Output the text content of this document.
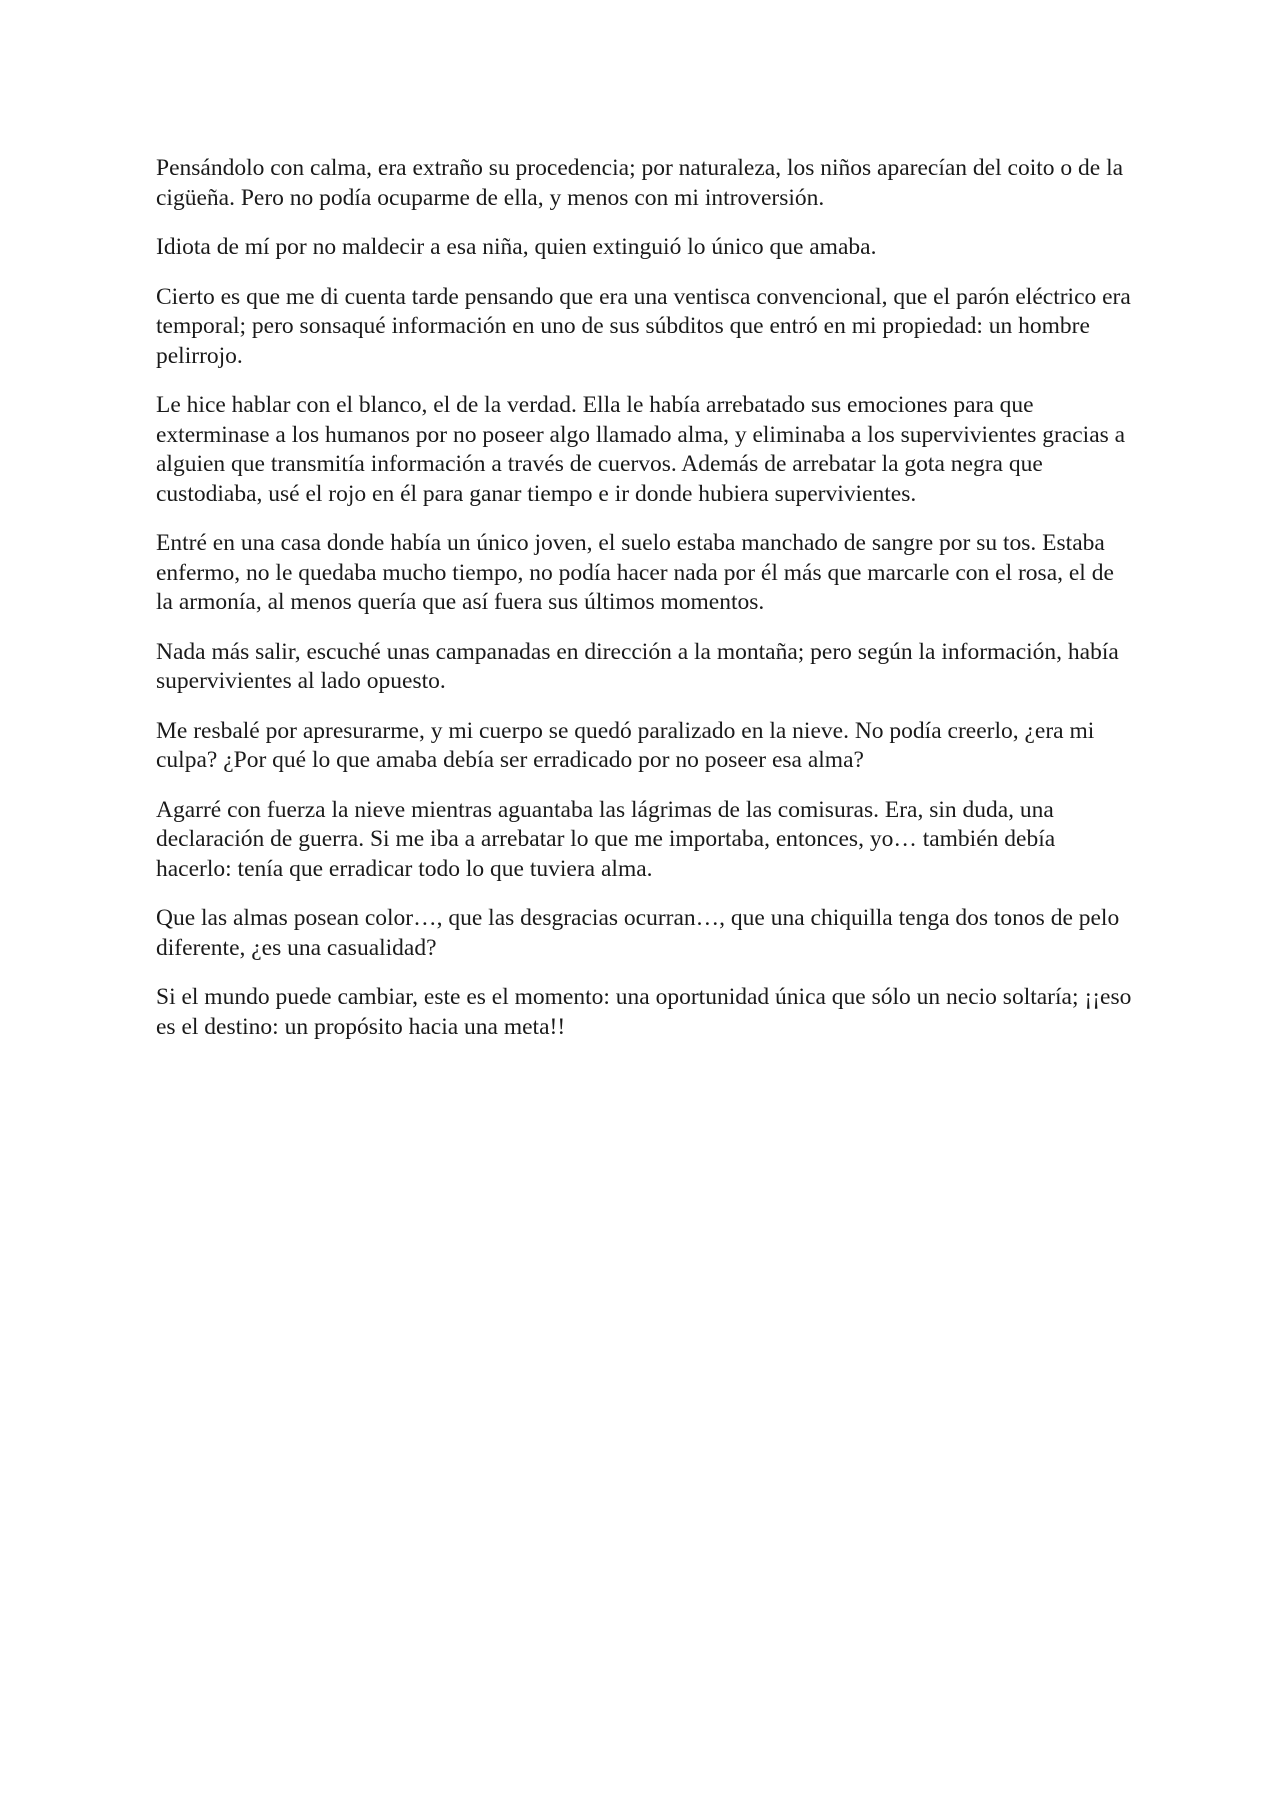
Pensándolo con calma, era extraño su procedencia; por naturaleza, los niños aparecían del coito o de la cigüeña. Pero no podía ocuparme de ella, y menos con mi introversión.

Idiota de mí por no maldecir a esa niña, quien extinguió lo único que amaba.

Cierto es que me di cuenta tarde pensando que era una ventisca convencional, que el parón eléctrico era temporal; pero sonsaqué información en uno de sus súbditos que entró en mi propiedad: un hombre pelirrojo.

Le hice hablar con el blanco, el de la verdad. Ella le había arrebatado sus emociones para que exterminase a los humanos por no poseer algo llamado alma, y eliminaba a los supervivientes gracias a alguien que transmitía información a través de cuervos. Además de arrebatar la gota negra que custodiaba, usé el rojo en él para ganar tiempo e ir donde hubiera supervivientes.

Entré en una casa donde había un único joven, el suelo estaba manchado de sangre por su tos. Estaba enfermo, no le quedaba mucho tiempo, no podía hacer nada por él más que marcarle con el rosa, el de la armonía, al menos quería que así fuera sus últimos momentos.

Nada más salir, escuché unas campanadas en dirección a la montaña; pero según la información, había supervivientes al lado opuesto.

Me resbalé por apresurarme, y mi cuerpo se quedó paralizado en la nieve. No podía creerlo, ¿era mi culpa? ¿Por qué lo que amaba debía ser erradicado por no poseer esa alma?

Agarré con fuerza la nieve mientras aguantaba las lágrimas de las comisuras. Era, sin duda, una declaración de guerra. Si me iba a arrebatar lo que me importaba, entonces, yo… también debía hacerlo: tenía que erradicar todo lo que tuviera alma.

Que las almas posean color…, que las desgracias ocurran…, que una chiquilla tenga dos tonos de pelo diferente, ¿es una casualidad?

Si el mundo puede cambiar, este es el momento: una oportunidad única que sólo un necio soltaría; ¡¡eso es el destino: un propósito hacia una meta!!
